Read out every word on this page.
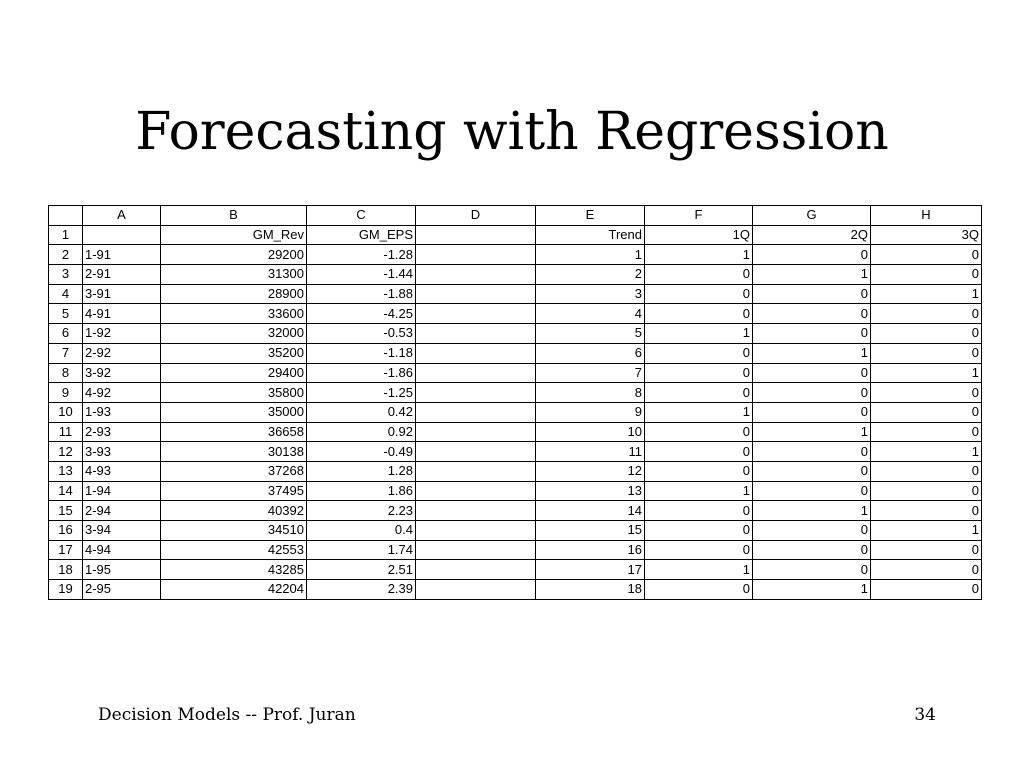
Forecasting with Regression
	A	B	C	D	E	F	G	H
1		GM_Rev	GM_EPS		Trend	1Q	2Q	3Q
2	1-91	29200	-1.28		1	1	0	0
3	2-91	31300	-1.44		2	0	1	0
4	3-91	28900	-1.88		3	0	0	1
5	4-91	33600	-4.25		4	0	0	0
6	1-92	32000	-0.53		5	1	0	0
7	2-92	35200	-1.18		6	0	1	0
8	3-92	29400	-1.86		7	0	0	1
9	4-92	35800	-1.25		8	0	0	0
10	1-93	35000	0.42		9	1	0	0
11	2-93	36658	0.92		10	0	1	0
12	3-93	30138	-0.49		11	0	0	1
13	4-93	37268	1.28		12	0	0	0
14	1-94	37495	1.86		13	1	0	0
15	2-94	40392	2.23		14	0	1	0
16	3-94	34510	0.4		15	0	0	1
17	4-94	42553	1.74		16	0	0	0
18	1-95	43285	2.51		17	1	0	0
19	2-95	42204	2.39		18	0	1	0
Decision Models -- Prof. Juran	34
